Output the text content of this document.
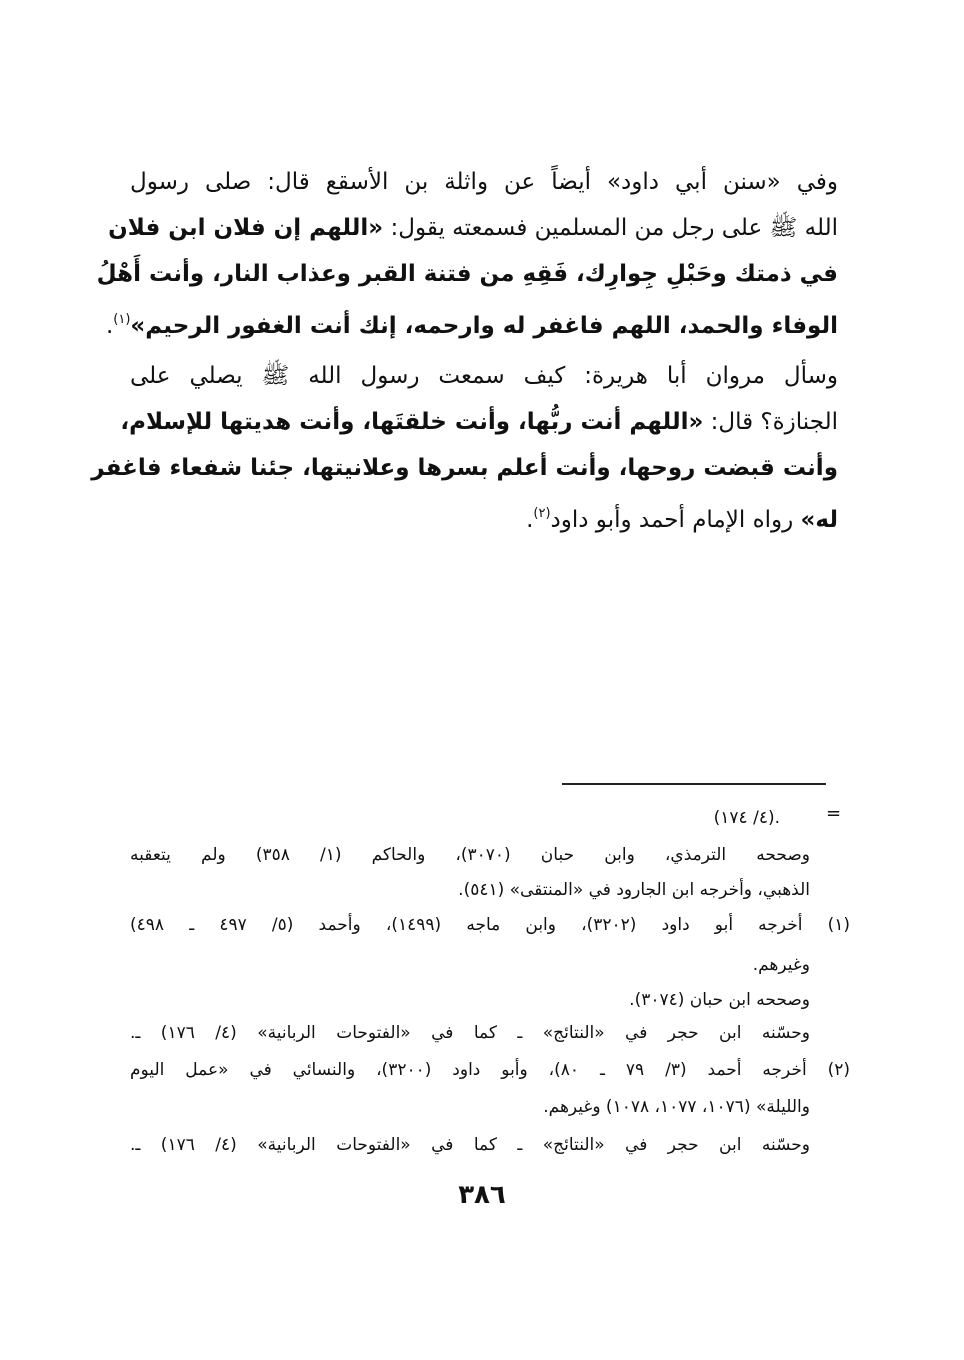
وفي «سنن أبي داود» أيضاً عن واثلة بن الأسقع قال: صلى رسول
الله ﷺ على رجل من المسلمين فسمعته يقول: «اللهم إن فلان ابن فلان
في ذمتك وحَبْلِ جِوارِك، فَقِهِ من فتنة القبر وعذاب النار، وأنت أَهْلُ
الوفاء والحمد، اللهم فاغفر له وارحمه، إنك أنت الغفور الرحيم»$^{(١)}$.
وسأل مروان أبا هريرة: كيف سمعت رسول الله ﷺ يصلي على
الجنازة؟ قال: «اللهم أنت ربُّها، وأنت خلقتَها، وأنت هديتها للإسلام،
وأنت قبضت روحها، وأنت أعلم بسرها وعلانيتها، جئنا شفعاء فاغفر
له» رواه الإمام أحمد وأبو داود$^{(٢)}$.
=
.(٤/ ١٧٤)
وصححه الترمذي، وابن حبان (٣٠٧٠)، والحاكم (١/ ٣٥٨) ولم يتعقبه
الذهبي، وأخرجه ابن الجارود في «المنتقى» (٥٤١).
(١) أخرجه أبو داود (٣٢٠٢)، وابن ماجه (١٤٩٩)، وأحمد (٥/ ٤٩٧ ـ ٤٩٨)
وغيرهم.
وصححه ابن حبان (٣٠٧٤).
وحسّنه ابن حجر في «النتائج» ـ كما في «الفتوحات الربانية» (٤/ ١٧٦) ـ.
(٢) أخرجه أحمد (٣/ ٧٩ ـ ٨٠)، وأبو داود (٣٢٠٠)، والنسائي في «عمل اليوم
والليلة» (١٠٧٦، ١٠٧٧، ١٠٧٨) وغيرهم.
وحسّنه ابن حجر في «النتائج» ـ كما في «الفتوحات الربانية» (٤/ ١٧٦) ـ.
٣٨٦
